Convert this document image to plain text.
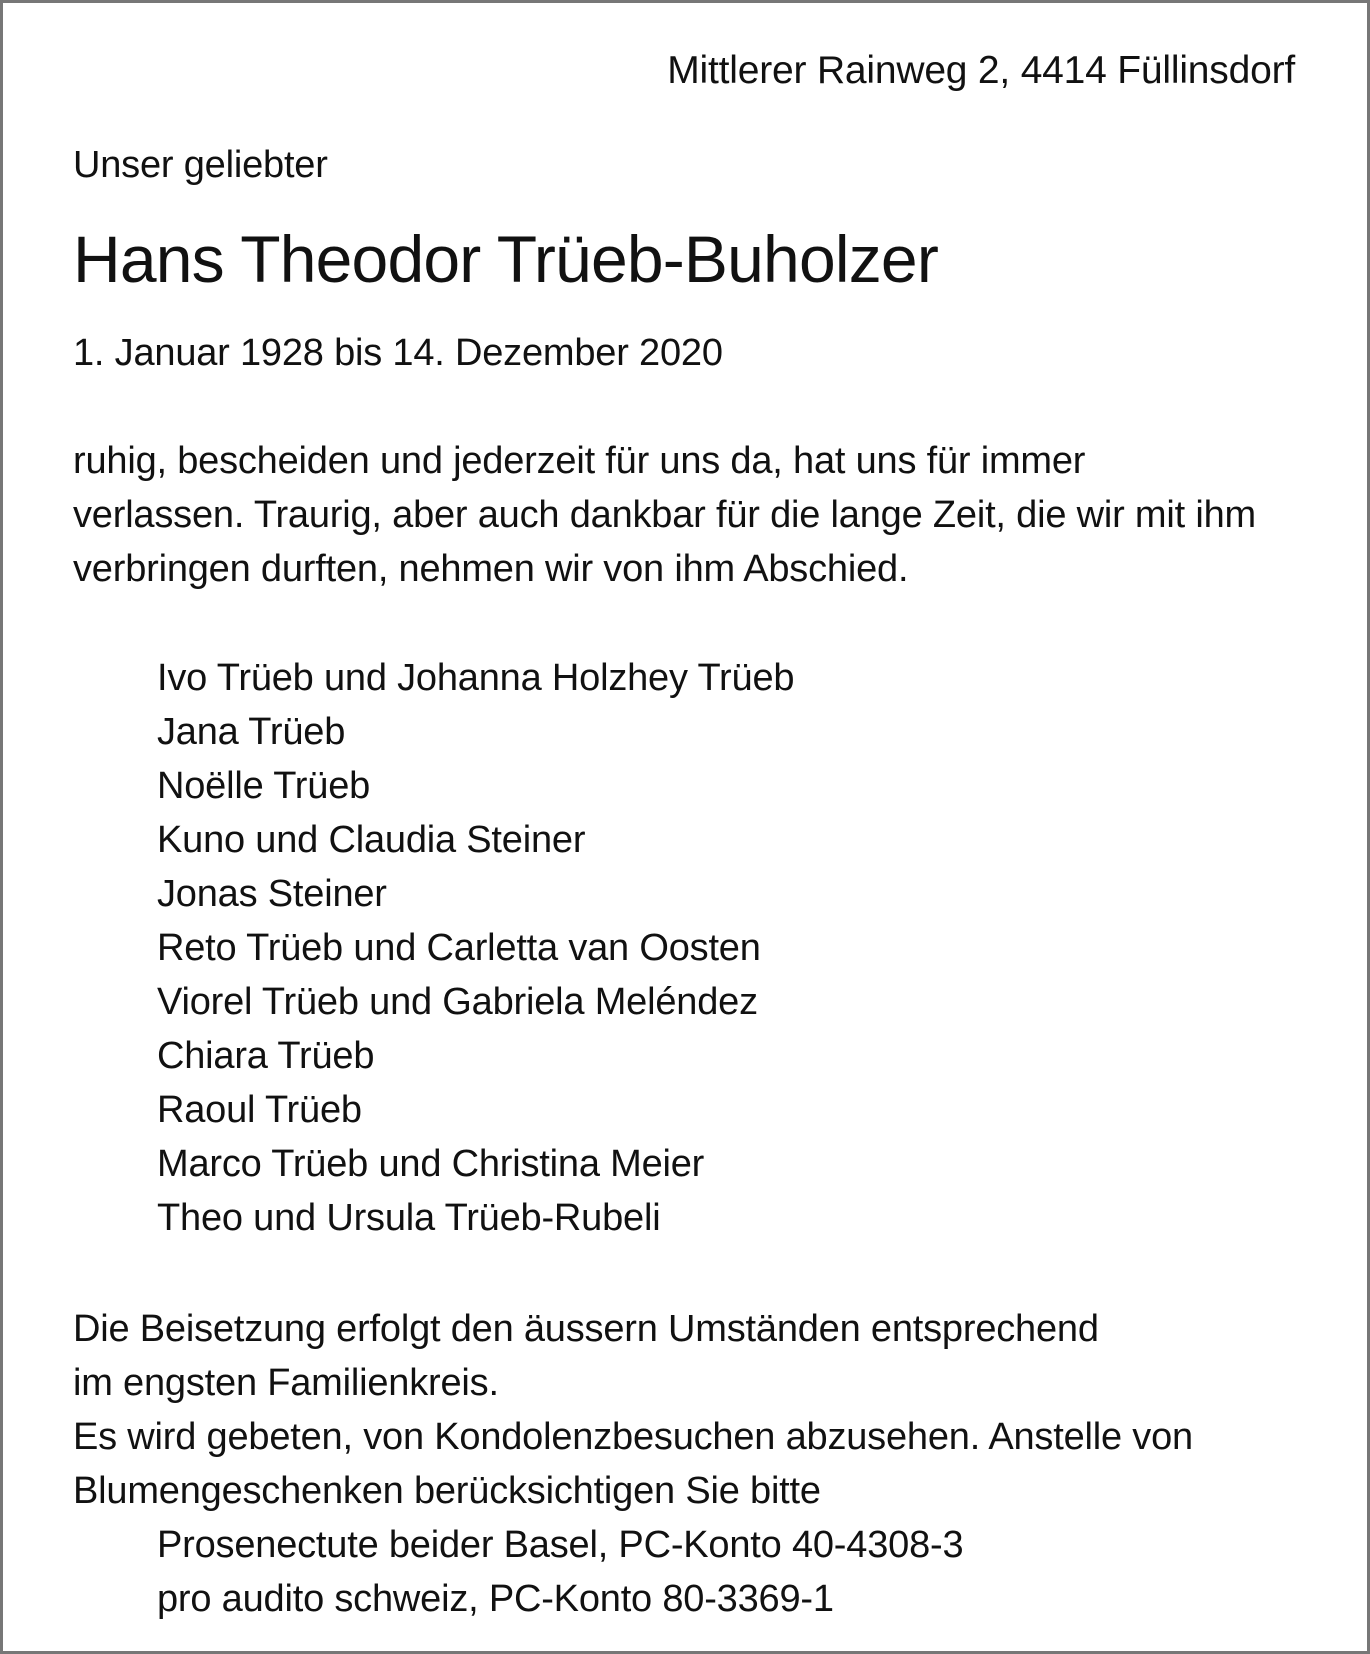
Mittlerer Rainweg 2, 4414 Füllinsdorf
Unser geliebter
Hans Theodor Trüeb-Buholzer
1. Januar 1928 bis 14. Dezember 2020

ruhig, bescheiden und jederzeit für uns da, hat uns für immer

verlassen. Traurig, aber auch dankbar für die lange Zeit, die wir mit ihm

verbringen durften, nehmen wir von ihm Abschied.

Ivo Trüeb und Johanna Holzhey Trüeb
Jana Trüeb
Noëlle Trüeb
Kuno und Claudia Steiner
Jonas Steiner
Reto Trüeb und Carletta van Oosten
Viorel Trüeb und Gabriela Meléndez
Chiara Trüeb
Raoul Trüeb
Marco Trüeb und Christina Meier
Theo und Ursula Trüeb-Rubeli

Die Beisetzung erfolgt den äussern Umständen entsprechend

im engsten Familienkreis.

Es wird gebeten, von Kondolenzbesuchen abzusehen. Anstelle von

Blumengeschenken berücksichtigen Sie bitte

Prosenectute beider Basel, PC-Konto 40-4308-3

pro audito schweiz, PC-Konto 80-3369-1
